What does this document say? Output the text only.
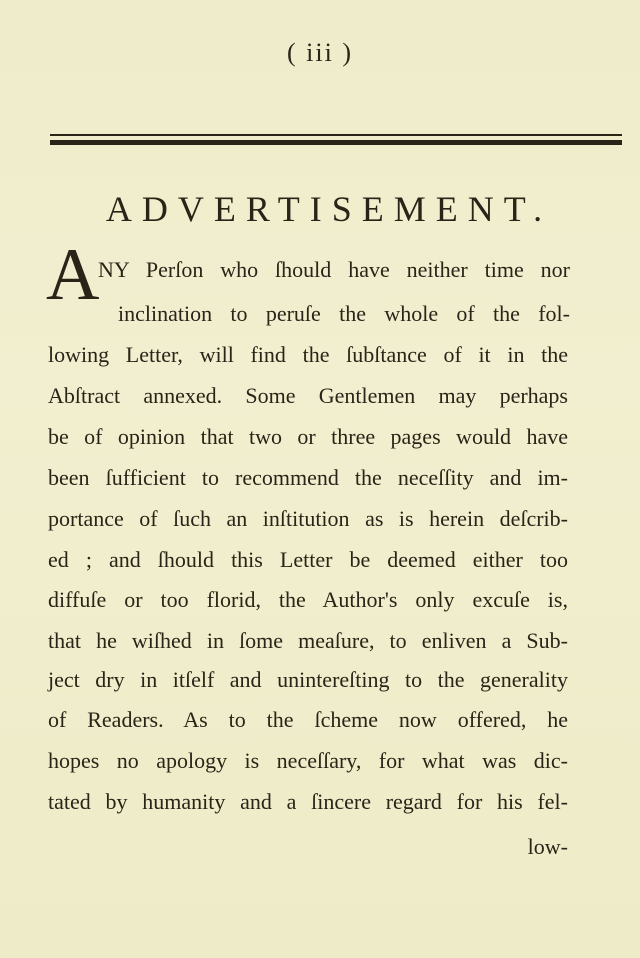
( iii )
ADVERTISEMENT.
A
NY Perſon who ſhould have neither time nor
inclination to peruſe the whole of the fol-
lowing Letter, will find the ſubſtance of it in the
Abſtract annexed. Some Gentlemen may perhaps
be of opinion that two or three pages would have
been ſufficient to recommend the neceſſity and im-
portance of ſuch an inſtitution as is herein deſcrib-
ed ; and ſhould this Letter be deemed either too
diffuſe or too florid, the Author's only excuſe is,
that he wiſhed in ſome meaſure, to enliven a Sub-
ject dry in itſelf and unintereſting to the generality
of Readers. As to the ſcheme now offered, he
hopes no apology is neceſſary, for what was dic-
tated by humanity and a ſincere regard for his fel-
low-
